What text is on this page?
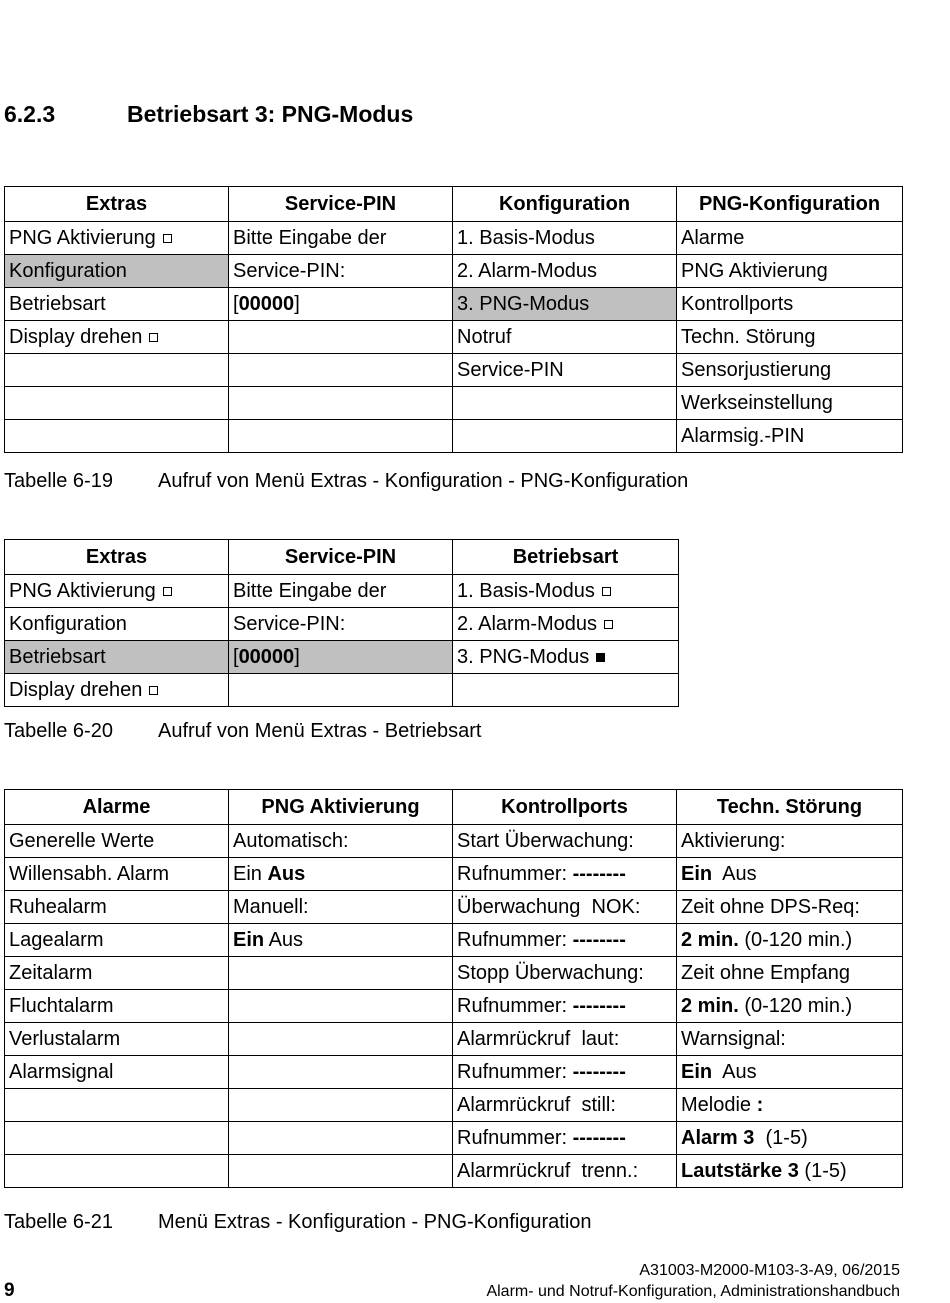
6.2.3	Betriebsart 3: PNG-Modus
Extras	Service-PIN	Konfiguration	PNG-Konfiguration
PNG Aktivierung	Bitte Eingabe der	1. Basis-Modus	Alarme
Konfiguration	Service-PIN:	2. Alarm-Modus	PNG Aktivierung
Betriebsart	[00000]	3. PNG-Modus	Kontrollports
Display drehen		Notruf	Techn. Störung
		Service-PIN	Sensorjustierung
			Werkseinstellung
			Alarmsig.-PIN
Tabelle 6-19 Aufruf von Menü Extras - Konfiguration - PNG-Konfiguration
Extras	Service-PIN	Betriebsart
PNG Aktivierung	Bitte Eingabe der	1. Basis-Modus
Konfiguration	Service-PIN:	2. Alarm-Modus
Betriebsart	[00000]	3. PNG-Modus
Display drehen		
Tabelle 6-20 Aufruf von Menü Extras - Betriebsart
Alarme	PNG Aktivierung	Kontrollports	Techn. Störung
Generelle Werte	Automatisch:	Start Überwachung:	Aktivierung:
Willensabh. Alarm	Ein Aus	Rufnummer: --------	Ein Aus
Ruhealarm	Manuell:	Überwachung  NOK:	Zeit ohne DPS-Req:
Lagealarm	Ein Aus	Rufnummer: --------	2 min. (0-120 min.)
Zeitalarm		Stopp Überwachung:	Zeit ohne Empfang
Fluchtalarm		Rufnummer: --------	2 min. (0-120 min.)
Verlustalarm		Alarmrückruf  laut:	Warnsignal:
Alarmsignal		Rufnummer: --------	Ein Aus
		Alarmrückruf  still:	Melodie :
		Rufnummer: --------	Alarm 3 (1-5)
		Alarmrückruf  trenn.:	Lautstärke 3 (1-5)
Tabelle 6-21 Menü Extras - Konfiguration - PNG-Konfiguration
A31003-M2000-M103-3-A9, 06/2015
Alarm- und Notruf-Konfiguration, Administrationshandbuch
9
